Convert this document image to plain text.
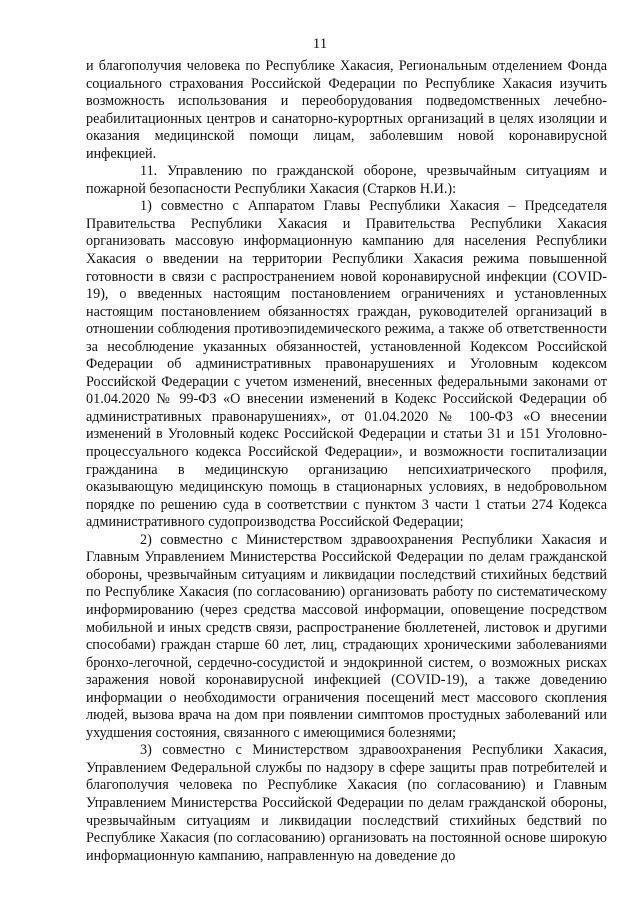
11

и благополучия человека по Республике Хакасия, Региональным отделением Фонда социального страхования Российской Федерации по Республике Хакасия изучить возможность использования и переоборудования подведомственных лечебно-реабилитационных центров и санаторно-курортных организаций в целях изоляции и оказания медицинской помощи лицам, заболевшим новой коронавирусной инфекцией.

11. Управлению по гражданской обороне, чрезвычайным ситуациям и пожарной безопасности Республики Хакасия (Старков Н.И.):

1) совместно с Аппаратом Главы Республики Хакасия – Председателя Правительства Республики Хакасия и Правительства Республики Хакасия организовать массовую информационную кампанию для населения Республики Хакасия о введении на территории Республики Хакасия режима повышенной готовности в связи с распространением новой коронавирусной инфекции (COVID-19), о введенных настоящим постановлением ограничениях и установленных настоящим постановлением обязанностях граждан, руководителей организаций в отношении соблюдения противоэпидемического режима, а также об ответственности за несоблюдение указанных обязанностей, установленной Кодексом Российской Федерации об административных правонарушениях и Уголовным кодексом Российской Федерации с учетом изменений, внесенных федеральными законами от 01.04.2020 № 99-ФЗ «О внесении изменений в Кодекс Российской Федерации об административных правонарушениях», от 01.04.2020 № 100-ФЗ «О внесении изменений в Уголовный кодекс Российской Федерации и статьи 31 и 151 Уголовно-процессуального кодекса Российской Федерации», и возможности госпитализации гражданина в медицинскую организацию непсихиатрического профиля, оказывающую медицинскую помощь в стационарных условиях, в недобровольном порядке по решению суда в соответствии с пунктом 3 части 1 статьи 274 Кодекса административного судопроизводства Российской Федерации;

2) совместно с Министерством здравоохранения Республики Хакасия и Главным Управлением Министерства Российской Федерации по делам гражданской обороны, чрезвычайным ситуациям и ликвидации последствий стихийных бедствий по Республике Хакасия (по согласованию) организовать работу по систематическому информированию (через средства массовой информации, оповещение посредством мобильной и иных средств связи, распространение бюллетеней, листовок и другими способами) граждан старше 60 лет, лиц, страдающих хроническими заболеваниями бронхо-легочной, сердечно-сосудистой и эндокринной систем, о возможных рисках заражения новой коронавирусной инфекцией (COVID-19), а также доведению информации о необходимости ограничения посещений мест массового скопления людей, вызова врача на дом при появлении симптомов простудных заболеваний или ухудшения состояния, связанного с имеющимися болезнями;

3) совместно с Министерством здравоохранения Республики Хакасия, Управлением Федеральной службы по надзору в сфере защиты прав потребителей и благополучия человека по Республике Хакасия (по согласованию) и Главным Управлением Министерства Российской Федерации по делам гражданской обороны, чрезвычайным ситуациям и ликвидации последствий стихийных бедствий по Республике Хакасия (по согласованию) организовать на постоянной основе широкую информационную кампанию, направленную на доведение до
